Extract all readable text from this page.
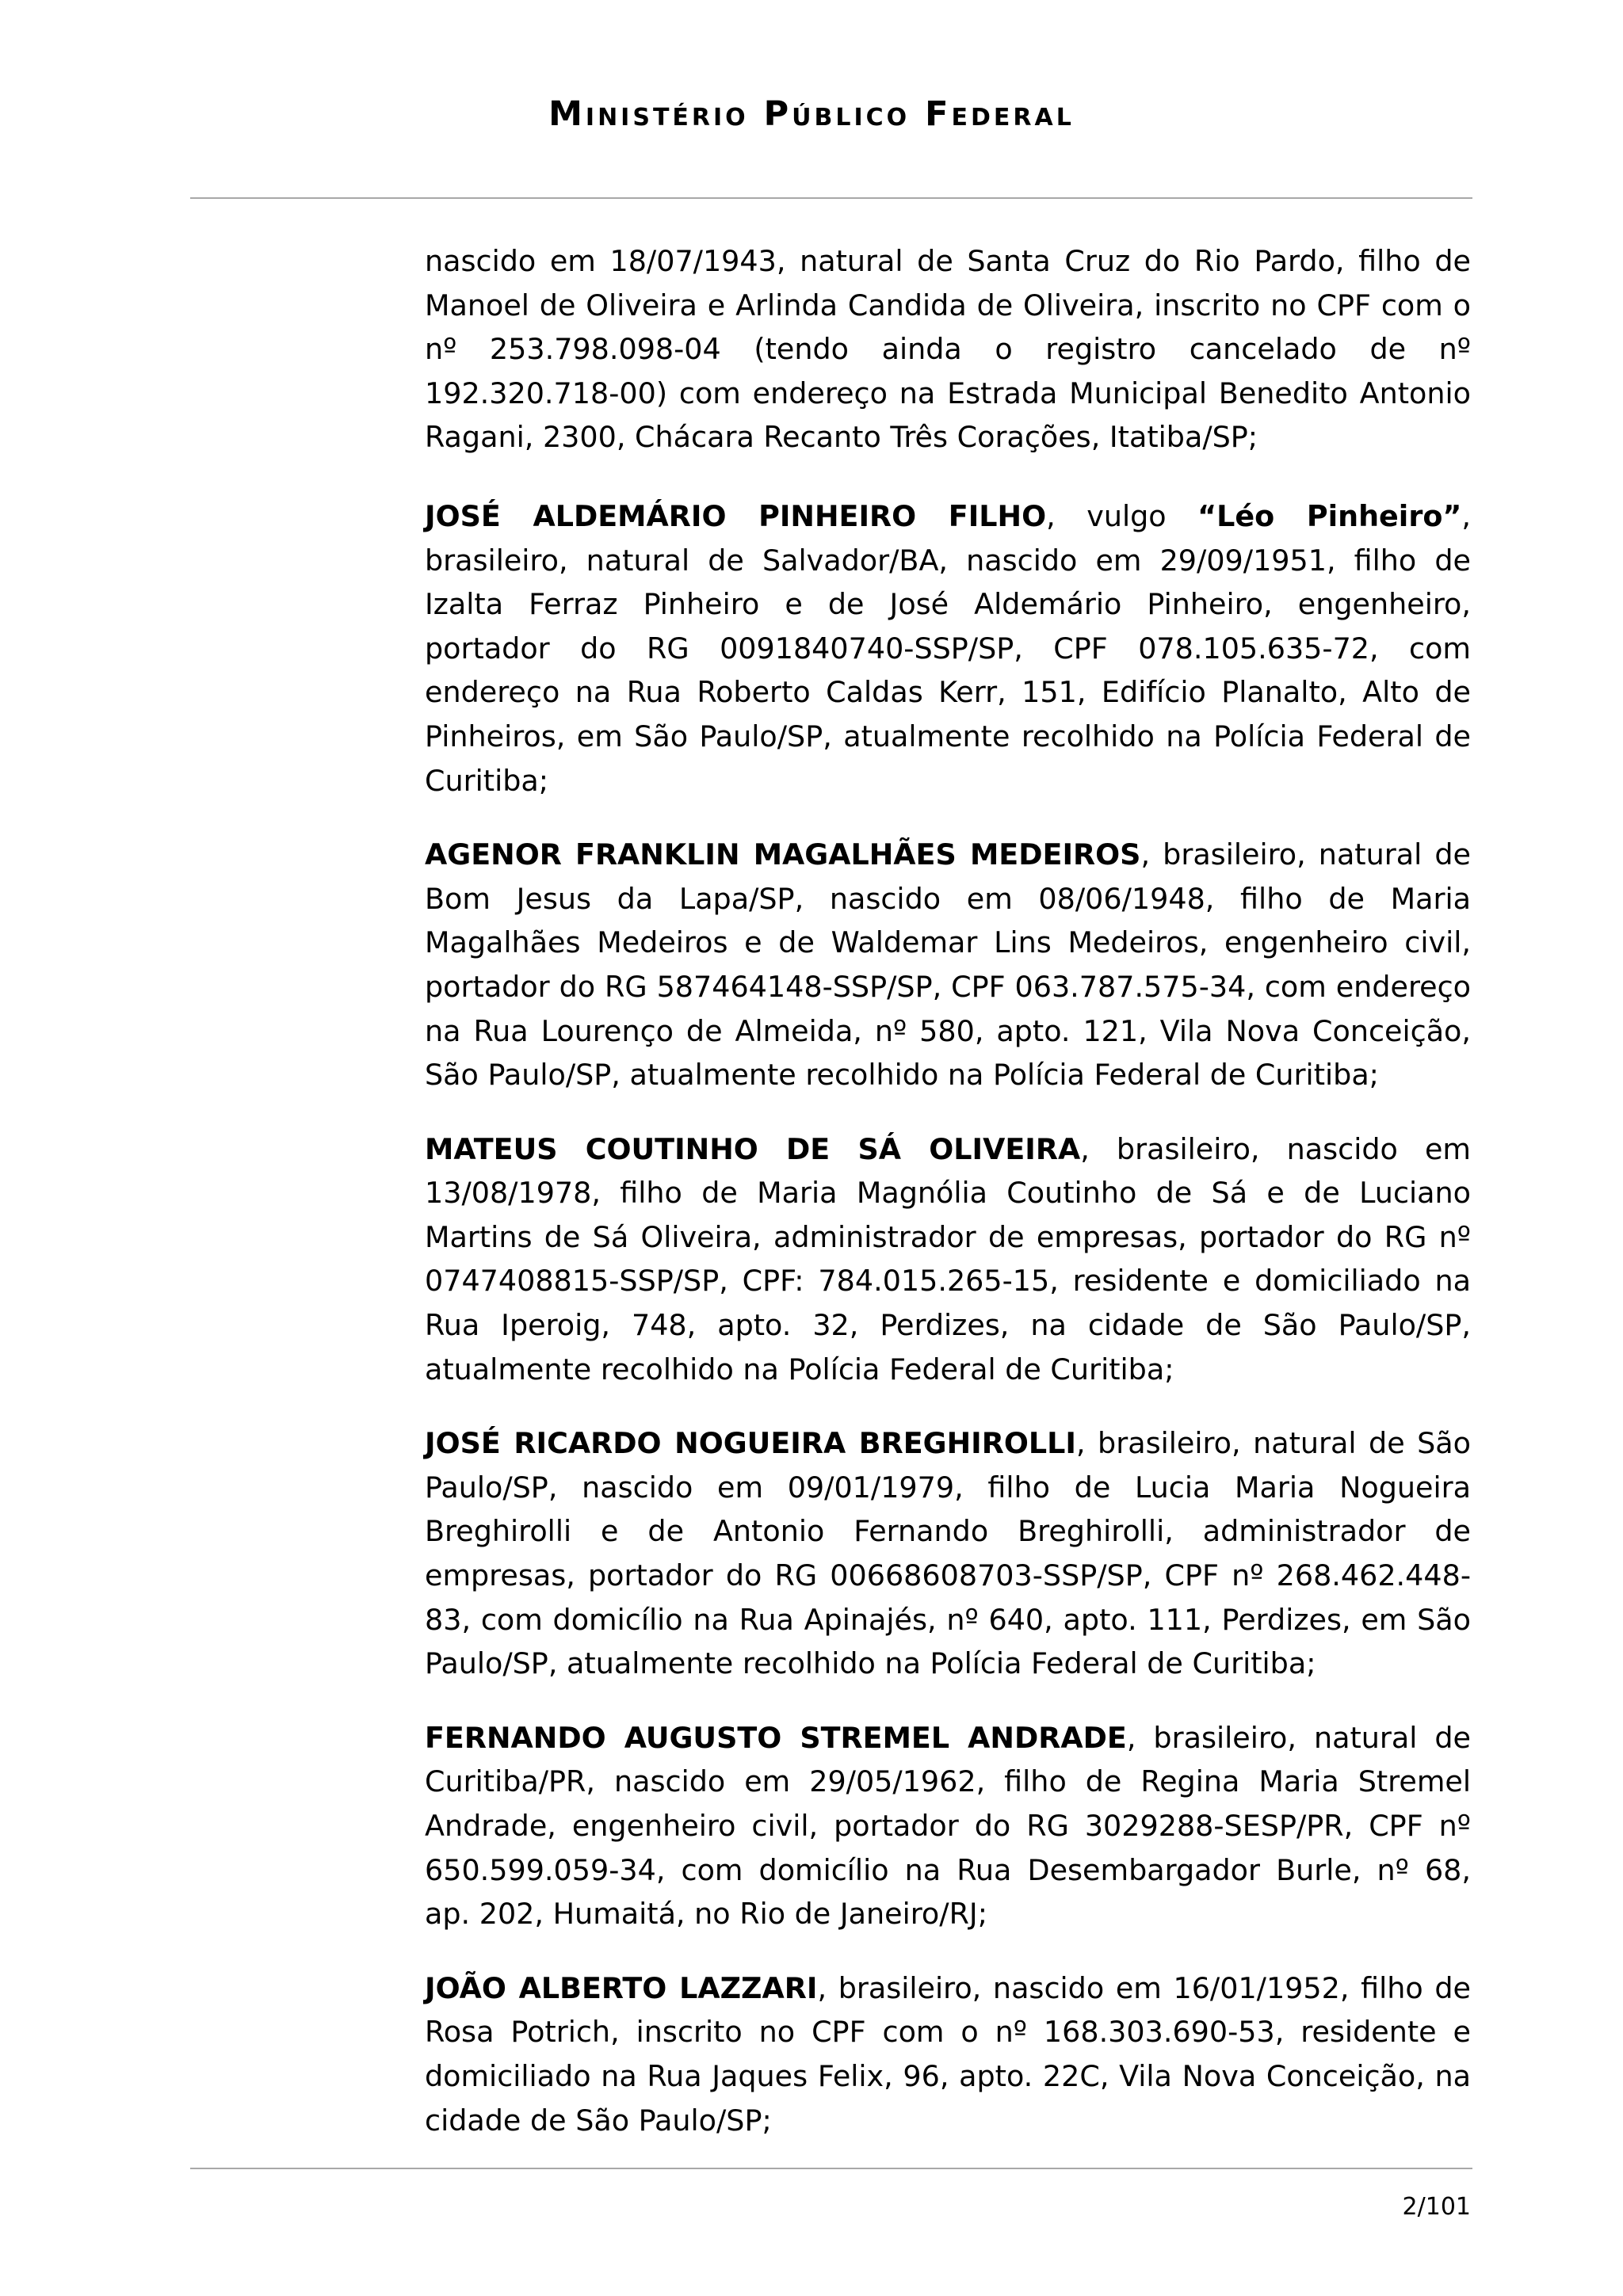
Ministério Público Federal

nascido em 18/07/1943, natural de Santa Cruz do Rio Pardo, filho de Manoel de Oliveira e Arlinda Candida de Oliveira, inscrito no CPF com o nº 253.798.098-04 (tendo ainda o registro cancelado de nº 192.320.718-00) com endereço na Estrada Municipal Benedito Antonio Ragani, 2300, Chácara Recanto Três Corações, Itatiba/SP;

JOSÉ ALDEMÁRIO PINHEIRO FILHO, vulgo “Léo Pinheiro”, brasileiro, natural de Salvador/BA, nascido em 29/09/1951, filho de Izalta Ferraz Pinheiro e de José Aldemário Pinheiro, engenheiro, portador do RG 0091840740-SSP/SP, CPF 078.105.635-72, com endereço na Rua Roberto Caldas Kerr, 151, Edifício Planalto, Alto de Pinheiros, em São Paulo/SP, atualmente recolhido na Polícia Federal de Curitiba;

AGENOR FRANKLIN MAGALHÃES MEDEIROS, brasileiro, natural de Bom Jesus da Lapa/SP, nascido em 08/06/1948, filho de Maria Magalhães Medeiros e de Waldemar Lins Medeiros, engenheiro civil, portador do RG 587464148-SSP/SP, CPF 063.787.575-34, com endereço na Rua Lourenço de Almeida, nº 580, apto. 121, Vila Nova Conceição, São Paulo/SP, atualmente recolhido na Polícia Federal de Curitiba;

MATEUS COUTINHO DE SÁ OLIVEIRA, brasileiro, nascido em 13/08/1978, filho de Maria Magnólia Coutinho de Sá e de Luciano Martins de Sá Oliveira, administrador de empresas, portador do RG nº 0747408815-SSP/SP, CPF: 784.015.265-15, residente e domiciliado na Rua Iperoig, 748, apto. 32, Perdizes, na cidade de São Paulo/SP, atualmente recolhido na Polícia Federal de Curitiba;

JOSÉ RICARDO NOGUEIRA BREGHIROLLI, brasileiro, natural de São Paulo/SP, nascido em 09/01/1979, filho de Lucia Maria Nogueira Breghirolli e de Antonio Fernando Breghirolli, administrador de empresas, portador do RG 00668608703-SSP/SP, CPF nº 268.462.448-83, com domicílio na Rua Apinajés, nº 640, apto. 111, Perdizes, em São Paulo/SP, atualmente recolhido na Polícia Federal de Curitiba;

FERNANDO AUGUSTO STREMEL ANDRADE, brasileiro, natural de Curitiba/PR, nascido em 29/05/1962, filho de Regina Maria Stremel Andrade, engenheiro civil, portador do RG 3029288-SESP/PR, CPF nº 650.599.059-34, com domicílio na Rua Desembargador Burle, nº 68, ap. 202, Humaitá, no Rio de Janeiro/RJ;

JOÃO ALBERTO LAZZARI, brasileiro, nascido em 16/01/1952, filho de Rosa Potrich, inscrito no CPF com o nº 168.303.690-53, residente e domiciliado na Rua Jaques Felix, 96, apto. 22C, Vila Nova Conceição, na cidade de São Paulo/SP;

2/101
